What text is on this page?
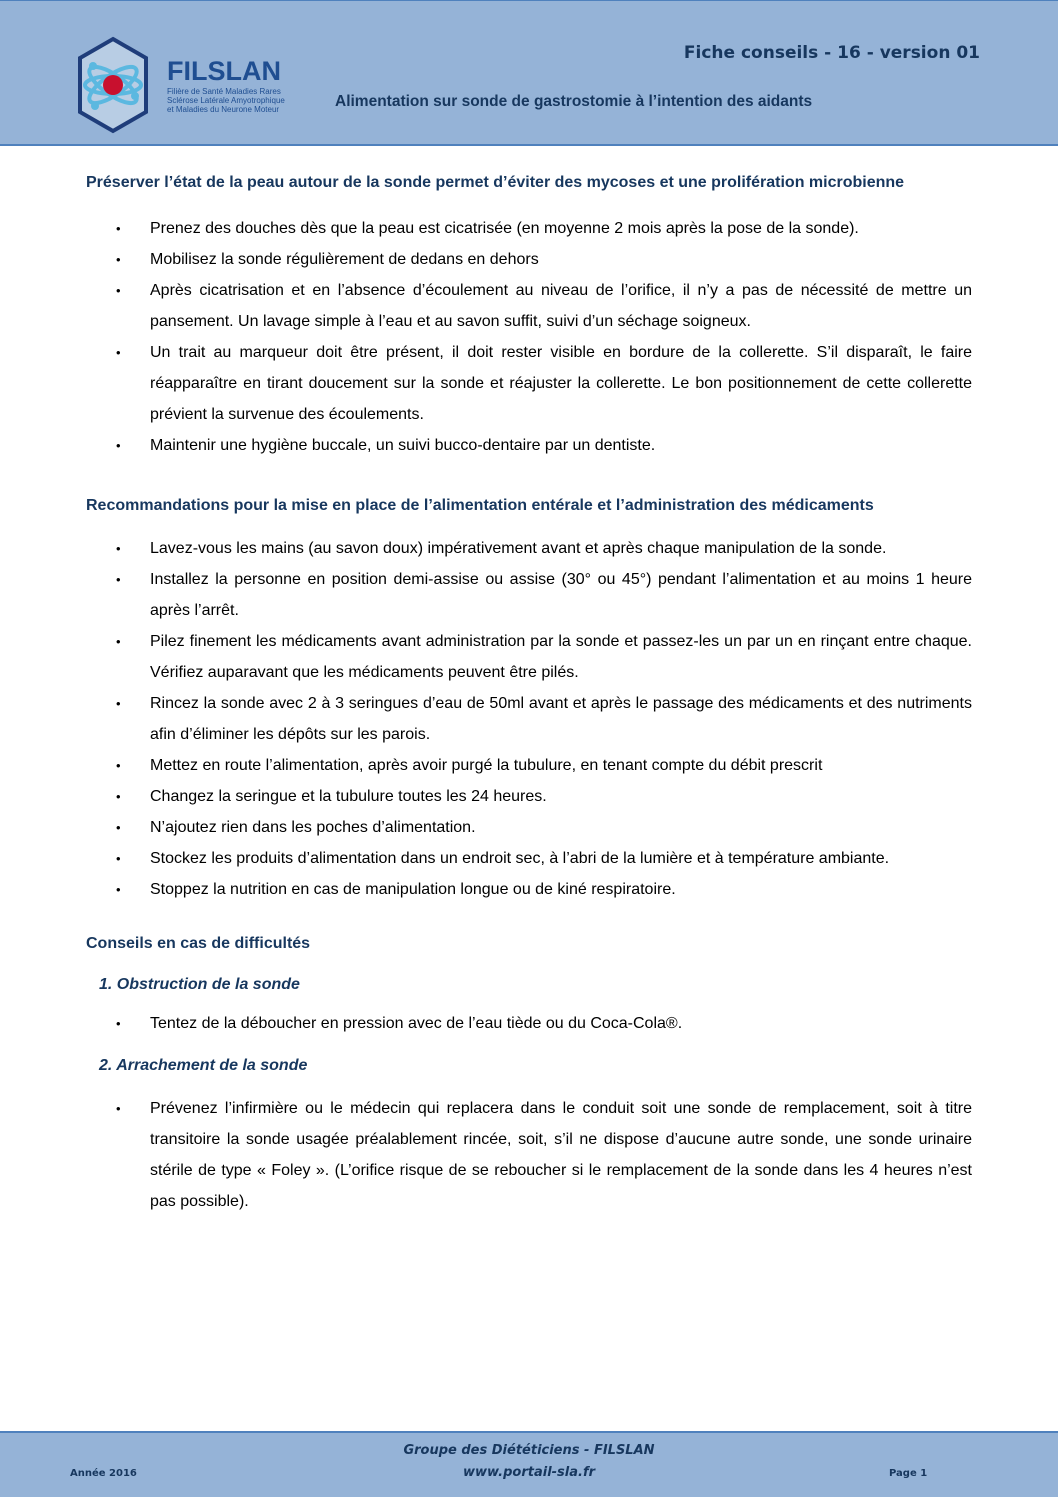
FILSLAN
Filière de Santé Maladies Rares Sclérose Latérale Amyotrophique et Maladies du Neurone Moteur
Fiche conseils - 16 - version 01
Alimentation sur sonde de gastrostomie à l’intention des aidants
Préserver l’état de la peau autour de la sonde permet d’éviter des mycoses et une prolifération microbienne
• Prenez des douches dès que la peau est cicatrisée (en moyenne 2 mois après la pose de la sonde).
• Mobilisez la sonde régulièrement de dedans en dehors
• Après cicatrisation et en l’absence d’écoulement au niveau de l’orifice, il n’y a pas de nécessité de mettre un pansement. Un lavage simple à l’eau et au savon suffit, suivi d’un séchage soigneux.
• Un trait au marqueur doit être présent, il doit rester visible en bordure de la collerette. S’il disparaît, le faire réapparaître en tirant doucement sur la sonde et réajuster la collerette. Le bon positionnement de cette collerette prévient la survenue des écoulements.
• Maintenir une hygiène buccale, un suivi bucco-dentaire par un dentiste.
Recommandations pour la mise en place de l’alimentation entérale et l’administration des médicaments
• Lavez-vous les mains (au savon doux) impérativement avant et après chaque manipulation de la sonde.
• Installez la personne en position demi-assise ou assise (30° ou 45°) pendant l’alimentation et au moins 1 heure après l’arrêt.
• Pilez finement les médicaments avant administration par la sonde et passez-les un par un en rinçant entre chaque. Vérifiez auparavant que les médicaments peuvent être pilés.
• Rincez la sonde avec 2 à 3 seringues d’eau de 50ml avant et après le passage des médicaments et des nutriments afin d’éliminer les dépôts sur les parois.
• Mettez en route l’alimentation, après avoir purgé la tubulure, en tenant compte du débit prescrit
• Changez la seringue et la tubulure toutes les 24 heures.
• N’ajoutez rien dans les poches d’alimentation.
• Stockez les produits d’alimentation dans un endroit sec, à l’abri de la lumière et à température ambiante.
• Stoppez la nutrition en cas de manipulation longue ou de kiné respiratoire.
Conseils en cas de difficultés
1. Obstruction de la sonde
• Tentez de la déboucher en pression avec de l’eau tiède ou du Coca-Cola®.
2. Arrachement de la sonde
• Prévenez l’infirmière ou le médecin qui replacera dans le conduit soit une sonde de remplacement, soit à titre transitoire la sonde usagée préalablement rincée, soit, s’il ne dispose d’aucune autre sonde, une sonde urinaire stérile de type « Foley ». (L’orifice risque de se reboucher si le remplacement de la sonde dans les 4 heures n’est pas possible).
Groupe des Diététiciens - FILSLAN
www.portail-sla.fr
Année 2016	Page 1
